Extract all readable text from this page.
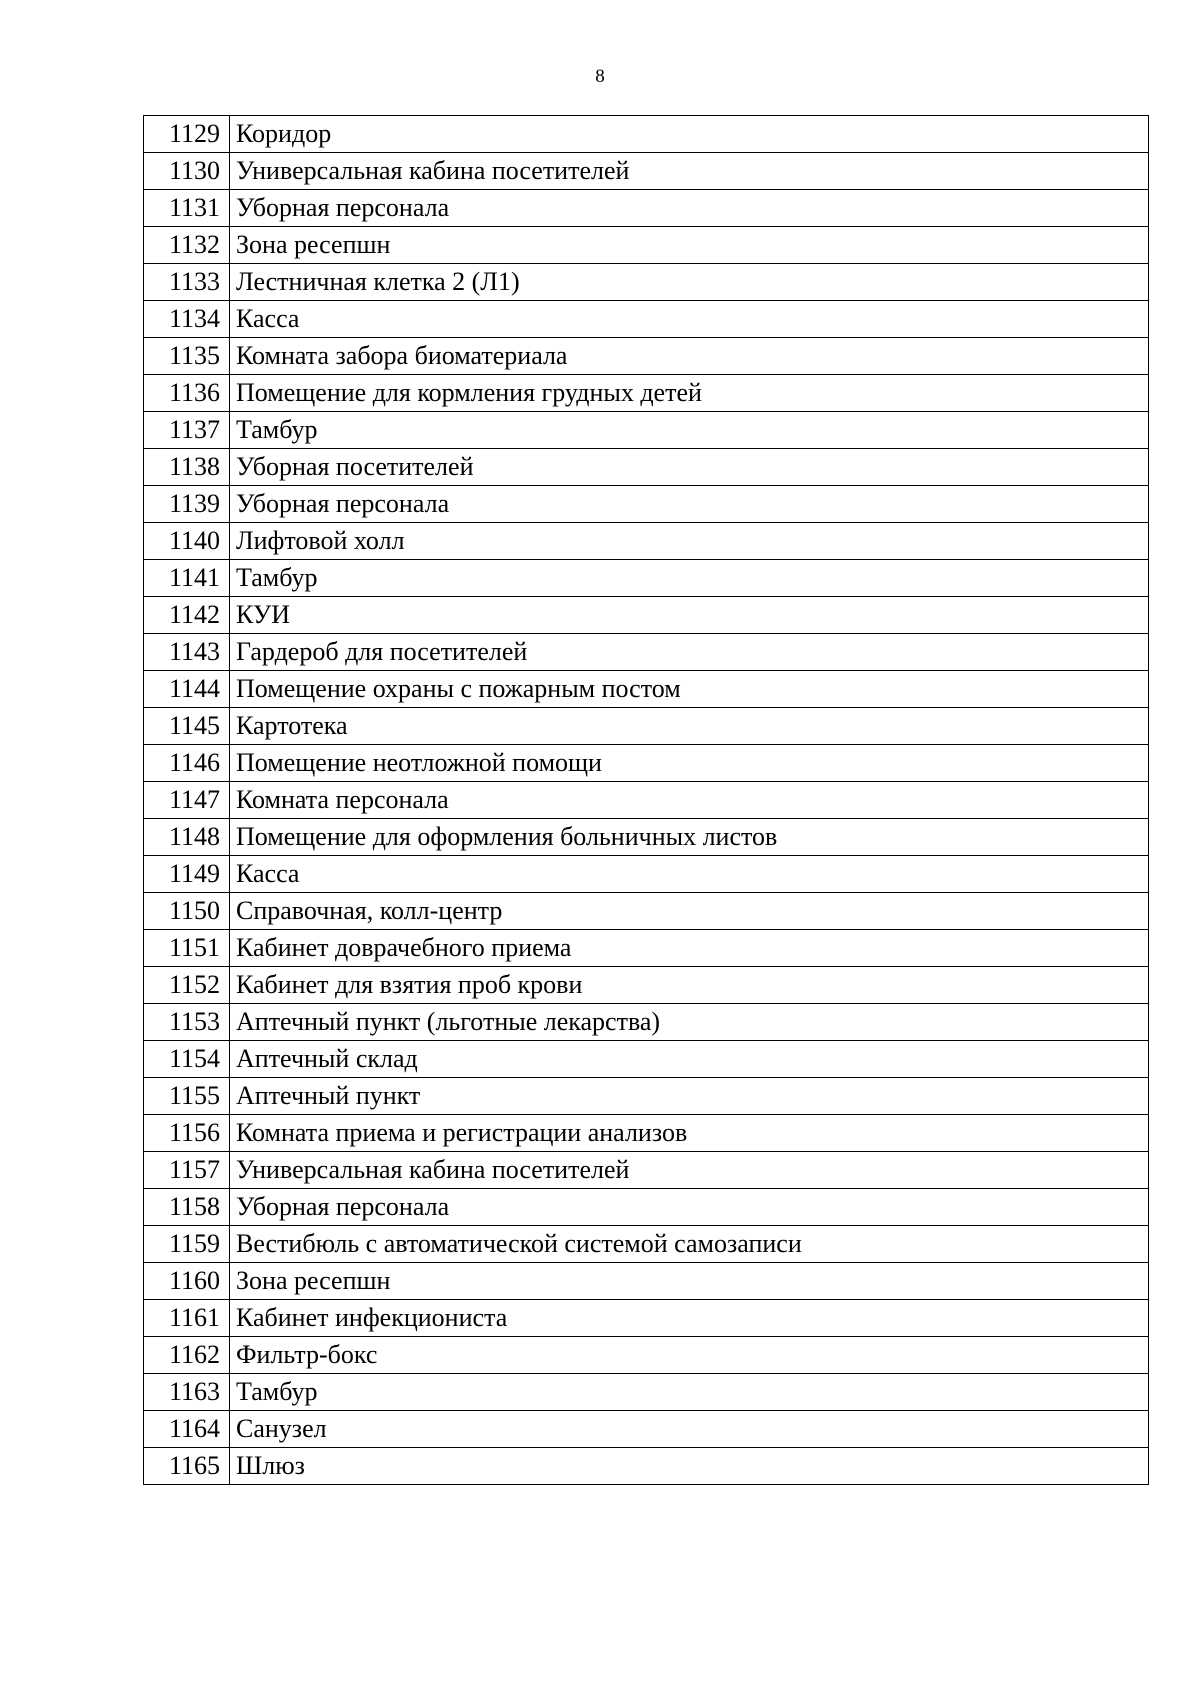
8
1129	Коридор
1130	Универсальная кабина посетителей
1131	Уборная персонала
1132	Зона ресепшн
1133	Лестничная клетка 2 (Л1)
1134	Касса
1135	Комната забора биоматериала
1136	Помещение для кормления грудных детей
1137	Тамбур
1138	Уборная посетителей
1139	Уборная персонала
1140	Лифтовой холл
1141	Тамбур
1142	КУИ
1143	Гардероб для посетителей
1144	Помещение охраны с пожарным постом
1145	Картотека
1146	Помещение неотложной помощи
1147	Комната персонала
1148	Помещение для оформления больничных листов
1149	Касса
1150	Справочная, колл-центр
1151	Кабинет доврачебного приема
1152	Кабинет для взятия проб крови
1153	Аптечный пункт (льготные лекарства)
1154	Аптечный склад
1155	Аптечный пункт
1156	Комната приема и регистрации анализов
1157	Универсальная кабина посетителей
1158	Уборная персонала
1159	Вестибюль с автоматической системой самозаписи
1160	Зона ресепшн
1161	Кабинет инфекциониста
1162	Фильтр-бокс
1163	Тамбур
1164	Санузел
1165	Шлюз
